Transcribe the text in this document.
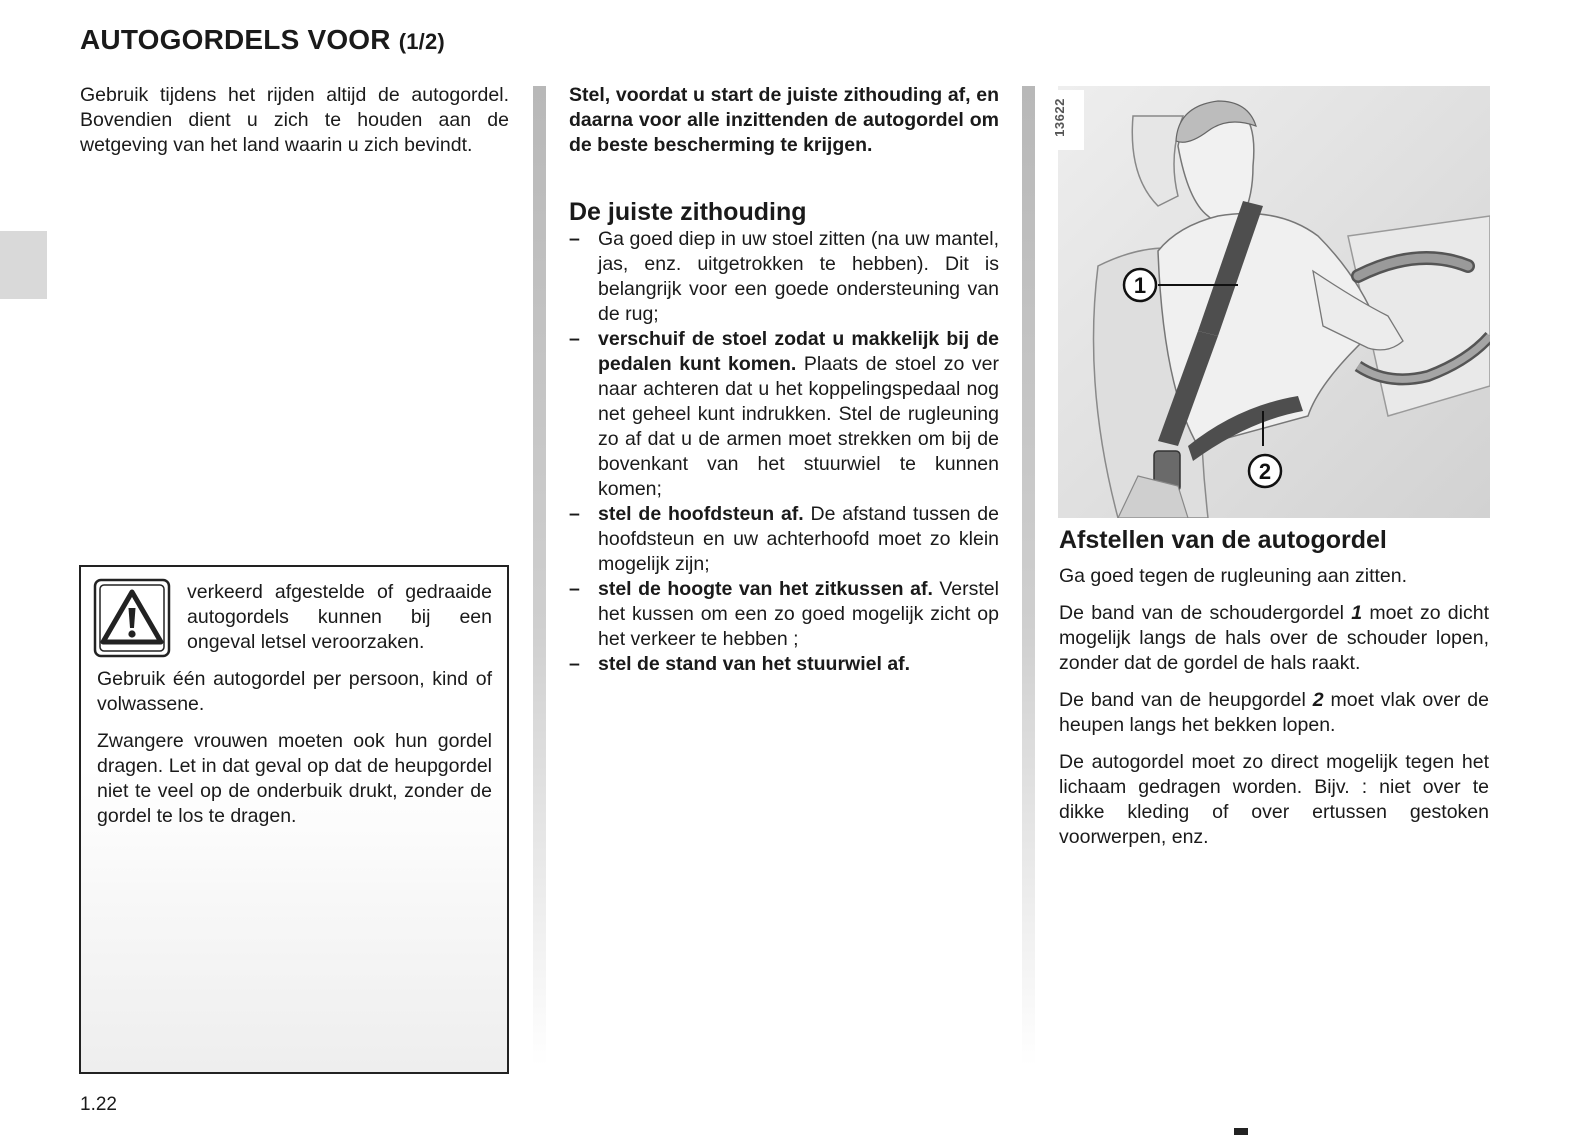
AUTOGORDELS VOOR (1/2)

Gebruik tijdens het rijden altijd de autogordel. Bovendien dient u zich te houden aan de wetgeving van het land waarin u zich bevindt.

verkeerd afgestelde of gedraaide autogordels kunnen bij een ongeval letsel veroorzaken.

Gebruik één autogordel per persoon, kind of volwassene.

Zwangere vrouwen moeten ook hun gordel dragen. Let in dat geval op dat de heupgordel niet te veel op de onderbuik drukt, zonder de gordel te los te dragen.

Stel, voordat u start de juiste zithouding af, en daarna voor alle inzittenden de autogordel om de beste bescherming te krijgen.

De juiste zithouding
– Ga goed diep in uw stoel zitten (na uw mantel, jas, enz. uitgetrokken te hebben). Dit is belangrijk voor een goede ondersteuning van de rug;
– verschuif de stoel zodat u makkelijk bij de pedalen kunt komen. Plaats de stoel zo ver naar achteren dat u het koppelingspedaal nog net geheel kunt indrukken. Stel de rugleuning zo af dat u de armen moet strekken om bij de bovenkant van het stuurwiel te kunnen komen;
– stel de hoofdsteun af. De afstand tussen de hoofdsteun en uw achterhoofd moet zo klein mogelijk zijn;
– stel de hoogte van het zitkussen af. Verstel het kussen om een zo goed mogelijk zicht op het verkeer te hebben ;
– stel de stand van het stuurwiel af.
1
2
13622
Afstellen van de autogordel

Ga goed tegen de rugleuning aan zitten.

De band van de schoudergordel 1 moet zo dicht mogelijk langs de hals over de schouder lopen, zonder dat de gordel de hals raakt.

De band van de heupgordel 2 moet vlak over de heupen langs het bekken lopen.

De autogordel moet zo direct mogelijk tegen het lichaam gedragen worden. Bijv. : niet over te dikke kleding of over ertussen gestoken voorwerpen, enz.

1.22
